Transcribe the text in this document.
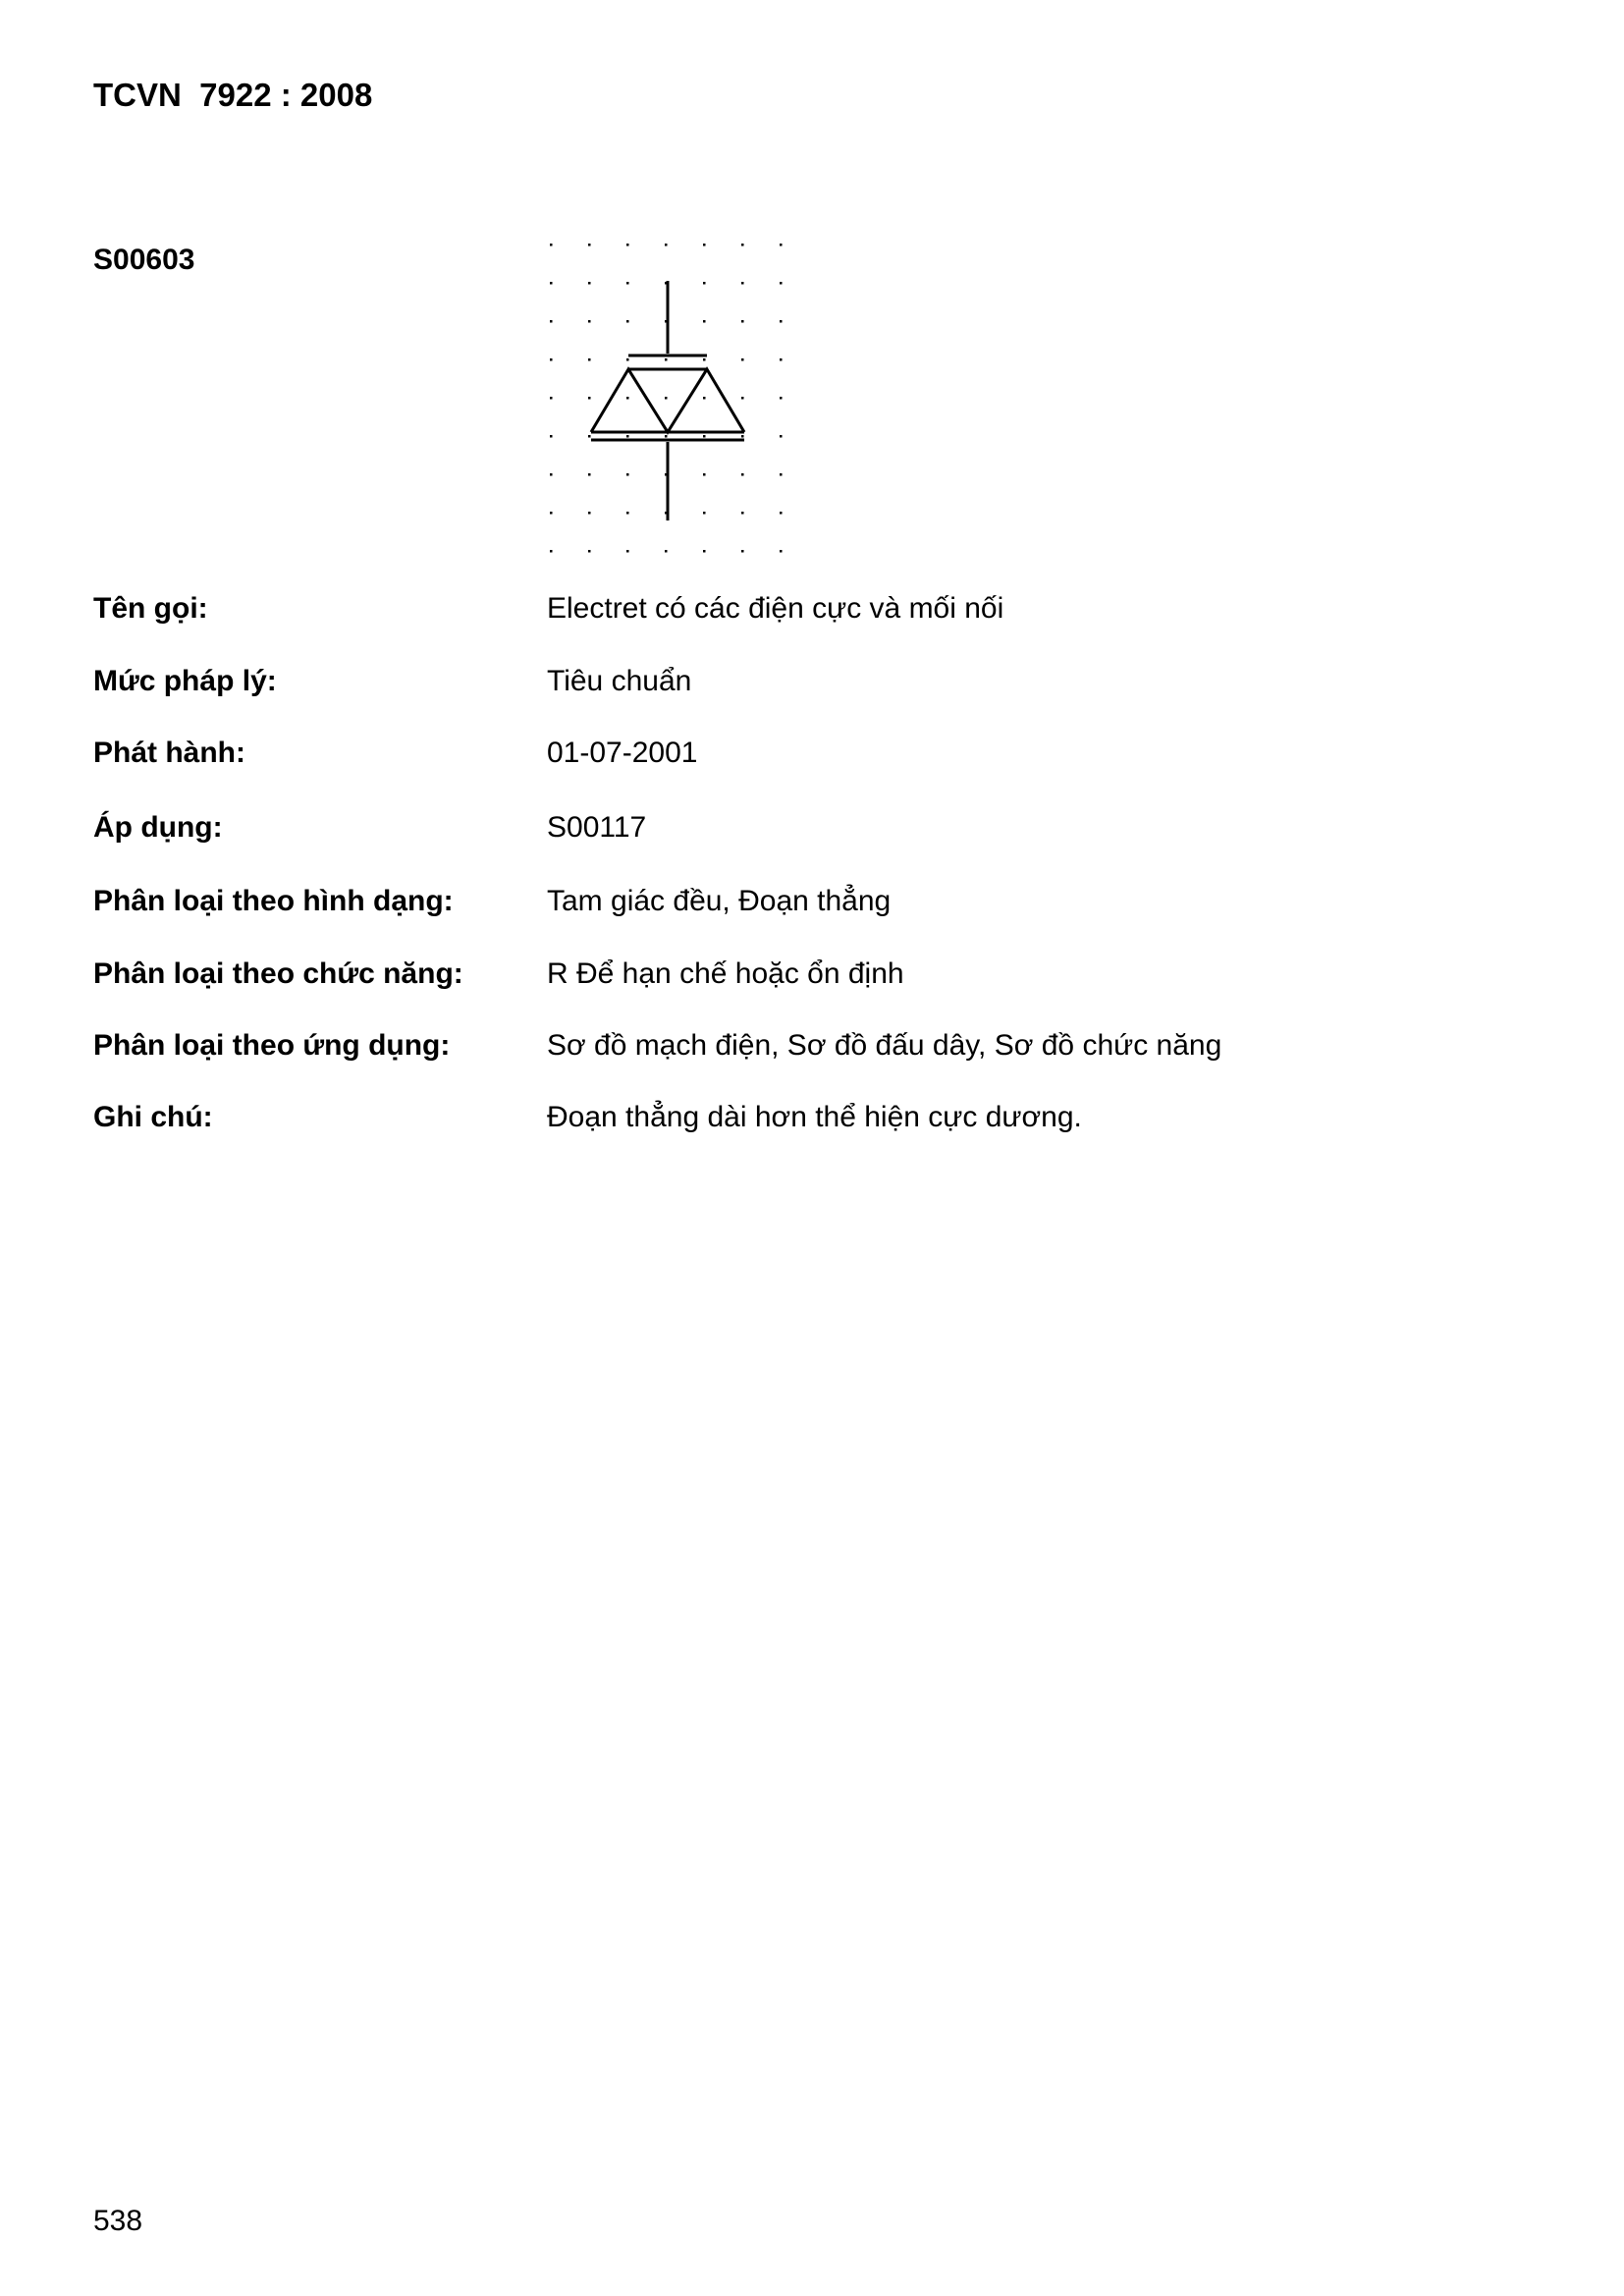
TCVN  7922 : 2008
S00603
Tên gọi:	Electret có các điện cực và mối nối
Mức pháp lý:	Tiêu chuẩn
Phát hành:	01-07-2001
Áp dụng:	S00117
Phân loại theo hình dạng:	Tam giác đều, Đoạn thẳng
Phân loại theo chức năng:	R Để hạn chế hoặc ổn định
Phân loại theo ứng dụng:	Sơ đồ mạch điện, Sơ đồ đấu dây, Sơ đồ chức năng
Ghi chú:	Đoạn thẳng dài hơn thể hiện cực dương.
538
